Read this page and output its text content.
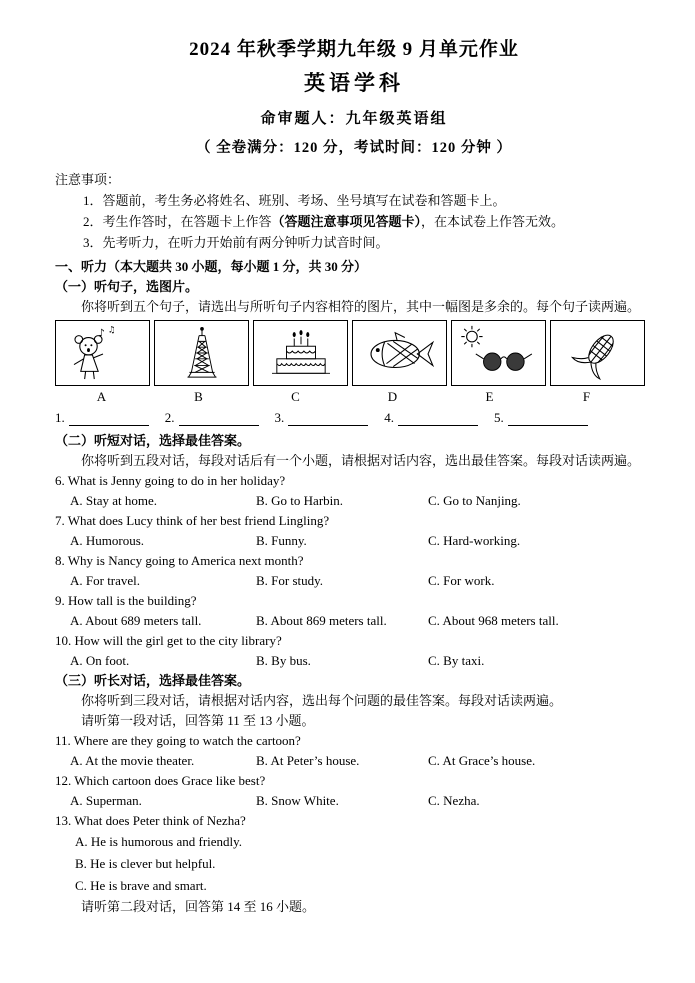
2024 年秋季学期九年级 9 月单元作业
英语学科
命审题人：九年级英语组
（ 全卷满分：120 分，考试时间：120 分钟 ）
注意事项：
1．答题前，考生务必将姓名、班别、考场、坐号填写在试卷和答题卡上。
2．考生作答时，在答题卡上作答（答题注意事项见答题卡），在本试卷上作答无效。
3．先考听力，在听力开始前有两分钟听力试音时间。
一、听力（本大题共 30 小题，每小题 1 分，共 30 分）
（一）听句子，选图片。
你将听到五个句子，请选出与所听句子内容相符的图片，其中一幅图是多余的。每个句子读两遍。
♪ ♫
A	B	C	D	E	F
1.	2.	3.	4.	5.
（二）听短对话，选择最佳答案。
你将听到五段对话，每段对话后有一个小题，请根据对话内容，选出最佳答案。每段对话读两遍。
6. What is Jenny going to do in her holiday?
A. Stay at home.	B. Go to Harbin.	C. Go to Nanjing.
7. What does Lucy think of her best friend Lingling?
A. Humorous.	B. Funny.	C. Hard-working.
8. Why is Nancy going to America next month?
A. For travel.	B. For study.	C. For work.
9. How tall is the building?
A. About 689 meters tall.	B. About 869 meters tall.	C. About 968 meters tall.
10. How will the girl get to the city library?
A. On foot.	B. By bus.	C. By taxi.
（三）听长对话，选择最佳答案。
你将听到三段对话，请根据对话内容，选出每个问题的最佳答案。每段对话读两遍。
请听第一段对话，回答第 11 至 13 小题。
11. Where are they going to watch the cartoon?
A. At the movie theater.	B. At Peter’s house.	C. At Grace’s house.
12. Which cartoon does Grace like best?
A. Superman.	B. Snow White.	C. Nezha.
13. What does Peter think of Nezha?
A. He is humorous and friendly.
B. He is clever but helpful.
C. He is brave and smart.
请听第二段对话，回答第 14 至 16 小题。
